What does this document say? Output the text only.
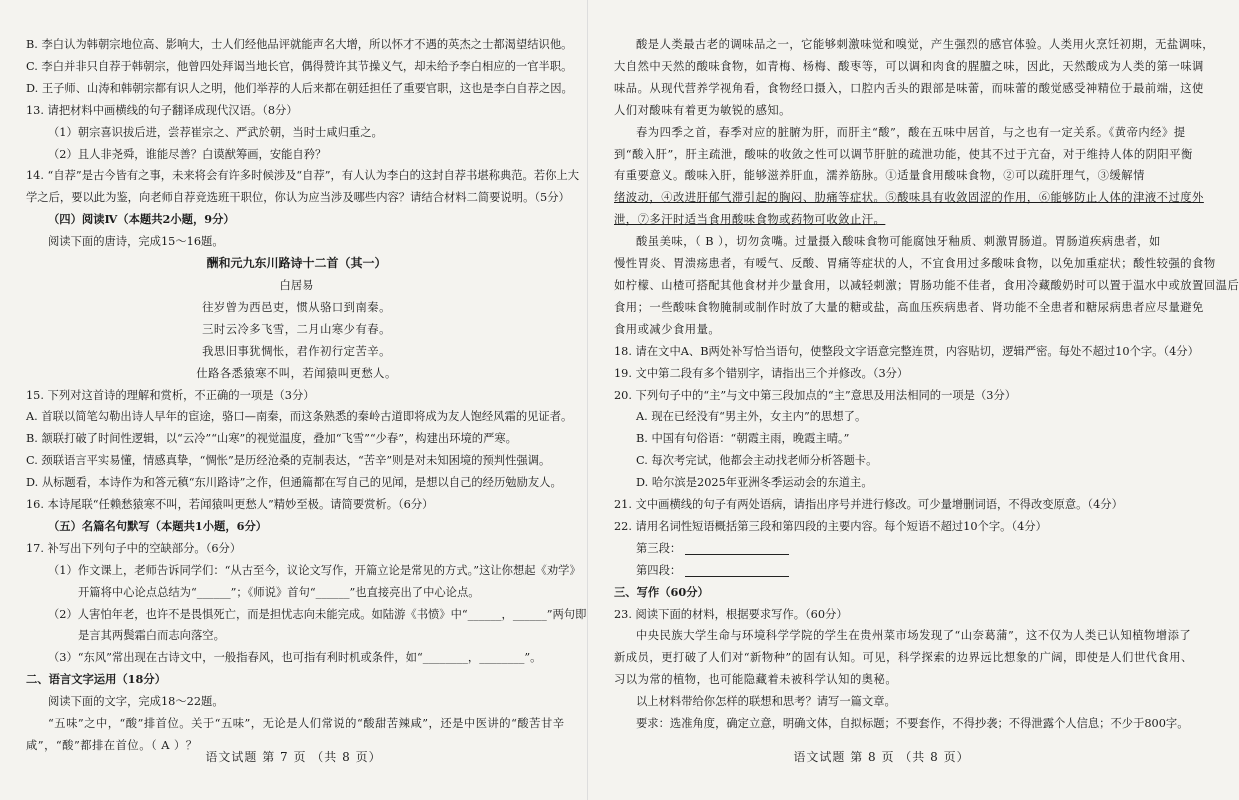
B. 李白认为韩朝宗地位高、影响大，士人们经他品评就能声名大增，所以怀才不遇的英杰之士都渴望结识他。
C. 李白并非只自荐于韩朝宗，他曾四处拜谒当地长官，偶得赞许其节操义气，却未给予李白相应的一官半职。
D. 王子师、山涛和韩朝宗都有识人之明，他们举荐的人后来都在朝廷担任了重要官职，这也是李白自荐之因。
13. 请把材料中画横线的句子翻译成现代汉语。（8分）
（1）朝宗喜识拔后进，尝荐崔宗之、严武於朝，当时士咸归重之。
（2）且人非尧舜，谁能尽善？白谟猷筹画，安能自矜？
14. “自荐”是古今皆有之事，未来将会有许多时候涉及“自荐”，有人认为李白的这封自荐书堪称典范。若你上大
学之后，要以此为鉴，向老师自荐竞选班干职位，你认为应当涉及哪些内容？请结合材料二简要说明。（5分）
（四）阅读Ⅳ（本题共2小题，9分）
阅读下面的唐诗，完成15～16题。
酬和元九东川路诗十二首（其一）
白居易
往岁曾为西邑吏，惯从骆口到南秦。
三时云冷多飞雪，二月山寒少有春。
我思旧事犹惆怅，君作初行定苦辛。
仕路各悉猿寒不叫，若闻猿叫更愁人。
15. 下列对这首诗的理解和赏析，不正确的一项是（3分）
A. 首联以简笔勾勒出诗人早年的宦途，骆口—南秦，而这条熟悉的秦岭古道即将成为友人饱经风霜的见证者。
B. 颔联打破了时间性逻辑，以“云冷”“山寒”的视觉温度，叠加“飞雪”“少春”，构建出环境的严寒。
C. 颈联语言平实易懂，情感真挚，“惆怅”是历经沧桑的克制表达，“苦辛”则是对未知困境的预判性强调。
D. 从标题看，本诗作为和答元稹“东川路诗”之作，但通篇都在写自己的见闻，是想以自己的经历勉励友人。
16. 本诗尾联“任赖愁猿寒不叫，若闻猿叫更愁人”精妙至极。请简要赏析。（6分）
（五）名篇名句默写（本题共1小题，6分）
17. 补写出下列句子中的空缺部分。（6分）
（1）作文课上，老师告诉同学们：“从古至今，议论文写作，开篇立论是常见的方式。”这让你想起《劝学》
开篇将中心论点总结为“______”；《师说》首句“______”也直接亮出了中心论点。
（2）人害怕年老，也许不是畏惧死亡，而是担忧志向未能完成。如陆游《书愤》中“______，______”两句即
是言其两鬓霜白而志向落空。
（3）“东风”常出现在古诗文中，一般指春风，也可指有利时机或条件，如“________，________”。
二、语言文字运用（18分）
阅读下面的文字，完成18～22题。
“五味”之中，“酸”排首位。关于“五味”，无论是人们常说的“酸甜苦辣咸”，还是中医讲的“酸苦甘辛
咸”，“酸”都排在首位。（ A ）？
语文试题 第 7 页 （共 8 页）
酸是人类最古老的调味品之一，它能够刺激味觉和嗅觉，产生强烈的感官体验。人类用火烹饪初期，无盐调味，
大自然中天然的酸味食物，如青梅、杨梅、酸枣等，可以调和肉食的腥膻之味，因此，天然酸成为人类的第一味调
味品。从现代营养学视角看，食物经口摄入，口腔内舌头的跟部是味蕾，而味蕾的酸觉感受神精位于最前端，这使
人们对酸味有着更为敏锐的感知。
春为四季之首，春季对应的脏腑为肝，而肝主“酸”，酸在五味中居首，与之也有一定关系。《黄帝内经》提
到“酸入肝”，肝主疏泄，酸味的收敛之性可以调节肝脏的疏泄功能，使其不过于亢奋，对于维持人体的阴阳平衡
有重要意义。酸味入肝，能够滋养肝血，濡养筋脉。①适量食用酸味食物，②可以疏肝理气，③缓解情
绪波动，④改进肝郁气滞引起的胸闷、肋痛等症状。⑤酸味具有收敛固涩的作用，⑥能够防止人体的津液不过度外
泄，⑦多汗时适当食用酸味食物或药物可收敛止汗。
酸虽美味，（ B ），切勿贪嘴。过量摄入酸味食物可能腐蚀牙釉质、刺激胃肠道。胃肠道疾病患者，如
慢性胃炎、胃溃疡患者，有嗳气、反酸、胃痛等症状的人，不宜食用过多酸味食物，以免加重症状；酸性较强的食物
如柠檬、山楂可搭配其他食材并少量食用，以减轻刺激；胃肠功能不佳者，食用冷藏酸奶时可以置于温水中或放置回温后
食用；一些酸味食物腌制或制作时放了大量的糖或盐，高血压疾病患者、肾功能不全患者和糖尿病患者应尽量避免
食用或减少食用量。
18. 请在文中A、B两处补写恰当语句，使整段文字语意完整连贯，内容贴切，逻辑严密。每处不超过10个字。（4分）
19. 文中第二段有多个错别字，请指出三个并修改。（3分）
20. 下列句子中的“主”与文中第三段加点的“主”意思及用法相同的一项是（3分）
A. 现在已经没有“男主外，女主内”的思想了。
B. 中国有句俗语：“朝霞主雨，晚霞主晴。”
C. 每次考完试，他都会主动找老师分析答题卡。
D. 哈尔滨是2025年亚洲冬季运动会的东道主。
21. 文中画横线的句子有两处语病，请指出序号并进行修改。可少量增删词语，不得改变原意。（4分）
22. 请用名词性短语概括第三段和第四段的主要内容。每个短语不超过10个字。（4分）
第三段：
第四段：
三、写作（60分）
23. 阅读下面的材料，根据要求写作。（60分）
中央民族大学生命与环境科学学院的学生在贵州菜市场发现了“山奈葛蒲”，这不仅为人类已认知植物增添了
新成员，更打破了人们对“新物种”的固有认知。可见，科学探索的边界远比想象的广阔，即使是人们世代食用、
习以为常的植物，也可能隐藏着未被科学认知的奥秘。
以上材料带给你怎样的联想和思考？请写一篇文章。
要求：选准角度，确定立意，明确文体，自拟标题；不要套作，不得抄袭；不得泄露个人信息；不少于800字。
语文试题 第 8 页 （共 8 页）
